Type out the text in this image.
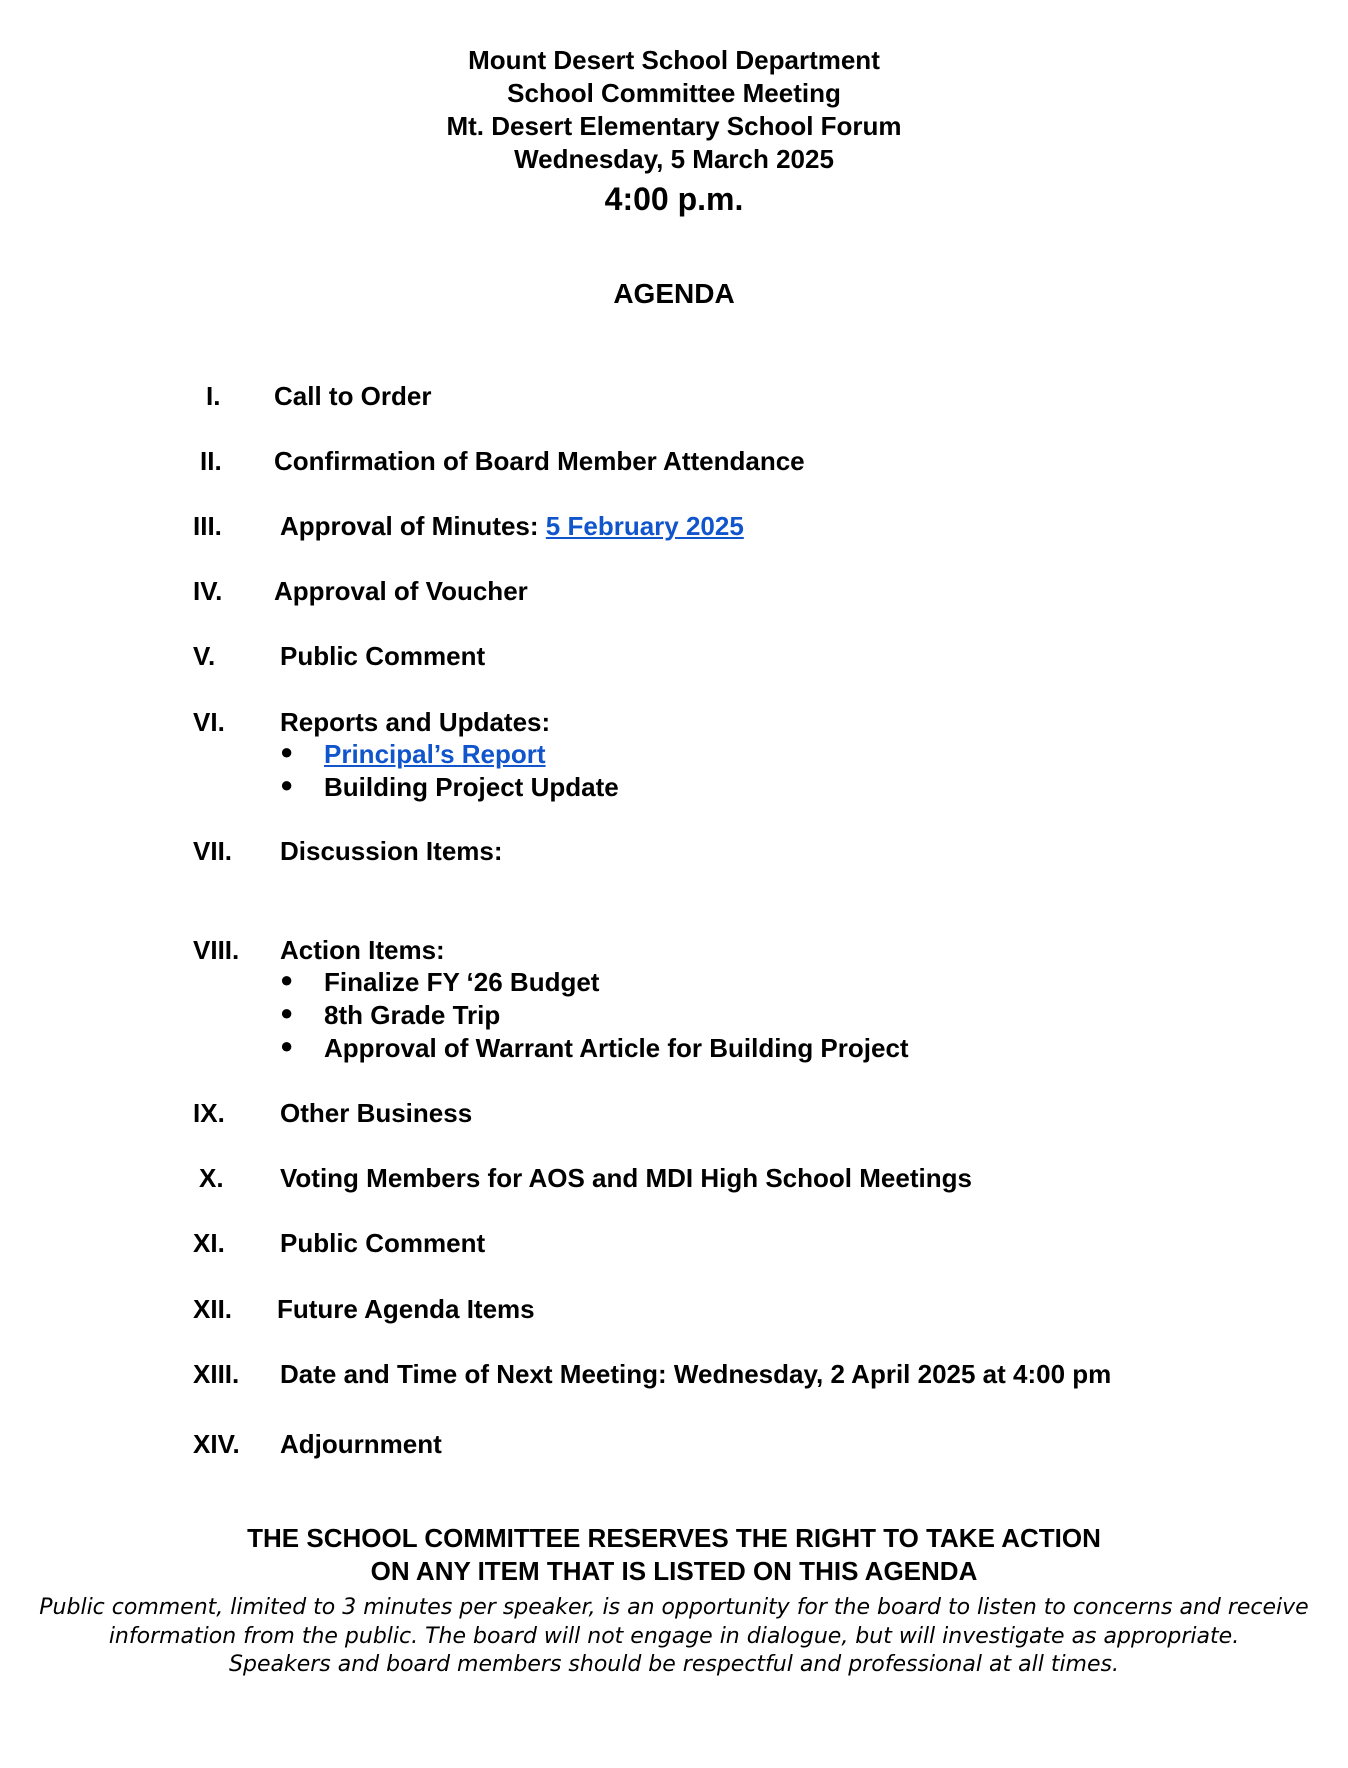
Mount Desert School Department
School Committee Meeting
Mt. Desert Elementary School Forum
Wednesday, 5 March 2025
4:00 p.m.
AGENDA
I. Call to Order
II. Confirmation of Board Member Attendance
III. Approval of Minutes: 5 February 2025
IV. Approval of Voucher
V. Public Comment
VI. Reports and Updates:
● Principal’s Report
● Building Project Update
VII. Discussion Items:
VIII. Action Items:
● Finalize FY ‘26 Budget
● 8th Grade Trip
● Approval of Warrant Article for Building Project
IX. Other Business
X. Voting Members for AOS and MDI High School Meetings
XI. Public Comment
XII. Future Agenda Items
XIII. Date and Time of Next Meeting: Wednesday, 2 April 2025 at 4:00 pm
XIV. Adjournment
THE SCHOOL COMMITTEE RESERVES THE RIGHT TO TAKE ACTION
ON ANY ITEM THAT IS LISTED ON THIS AGENDA
Public comment, limited to 3 minutes per speaker, is an opportunity for the board to listen to concerns and receive
information from the public. The board will not engage in dialogue, but will investigate as appropriate.
Speakers and board members should be respectful and professional at all times.
